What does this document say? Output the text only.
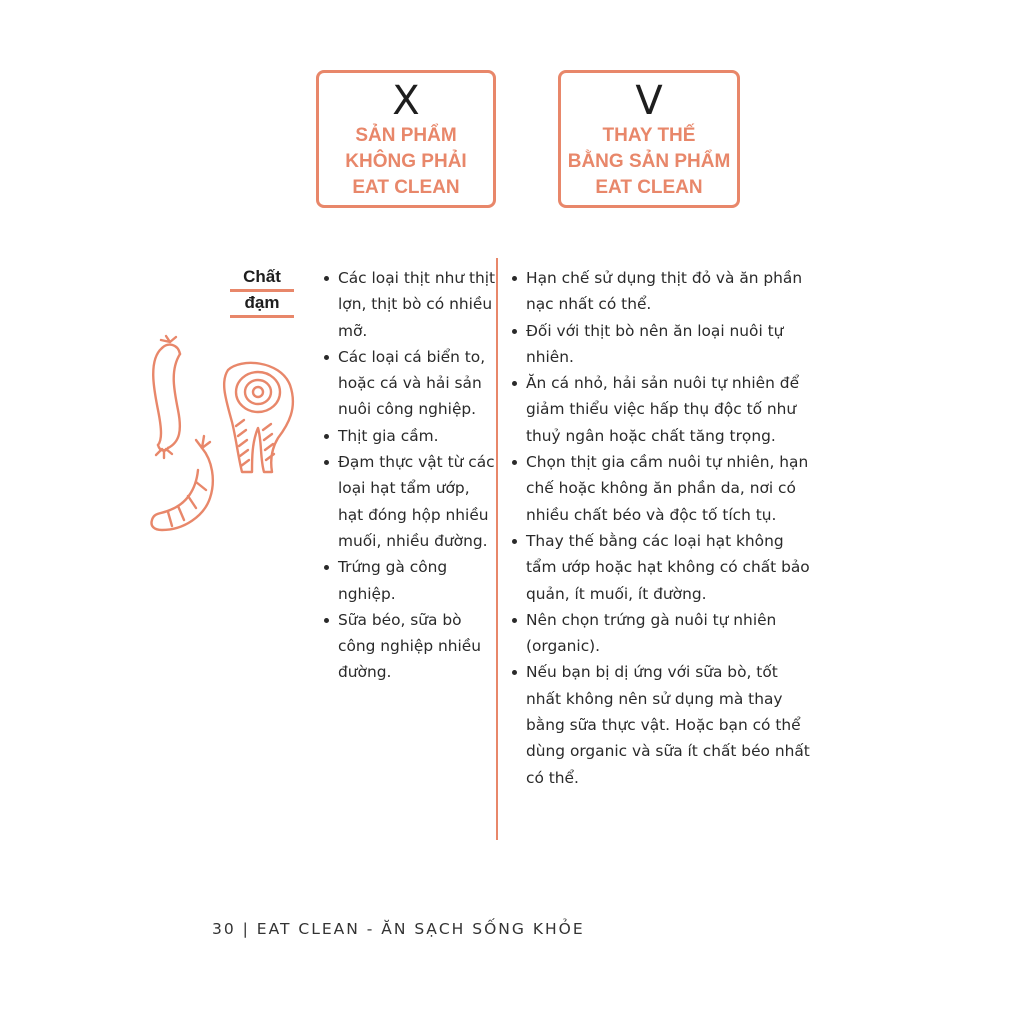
X
SẢN PHẨM
KHÔNG PHẢI
EAT CLEAN
V
THAY THẾ
BẰNG SẢN PHẨM
EAT CLEAN
Chất
đạm
Các loại thịt như thịt lợn, thịt bò có nhiều mỡ.
Các loại cá biển to, hoặc cá và hải sản nuôi công nghiệp.
Thịt gia cầm.
Đạm thực vật từ các loại hạt tẩm ướp, hạt đóng hộp nhiều muối, nhiều đường.
Trứng gà công nghiệp.
Sữa béo, sữa bò công nghiệp nhiều đường.
Hạn chế sử dụng thịt đỏ và ăn phần nạc nhất có thể.
Đối với thịt bò nên ăn loại nuôi tự nhiên.
Ăn cá nhỏ, hải sản nuôi tự nhiên để giảm thiểu việc hấp thụ độc tố như thuỷ ngân hoặc chất tăng trọng.
Chọn thịt gia cầm nuôi tự nhiên, hạn chế hoặc không ăn phần da, nơi có nhiều chất béo và độc tố tích tụ.
Thay thế bằng các loại hạt không tẩm ướp hoặc hạt không có chất bảo quản, ít muối, ít đường.
Nên chọn trứng gà nuôi tự nhiên (organic).
Nếu bạn bị dị ứng với sữa bò, tốt nhất không nên sử dụng mà thay bằng sữa thực vật. Hoặc bạn có thể dùng organic và sữa ít chất béo nhất có thể.
30 | EAT CLEAN - ĂN SẠCH SỐNG KHỎE
